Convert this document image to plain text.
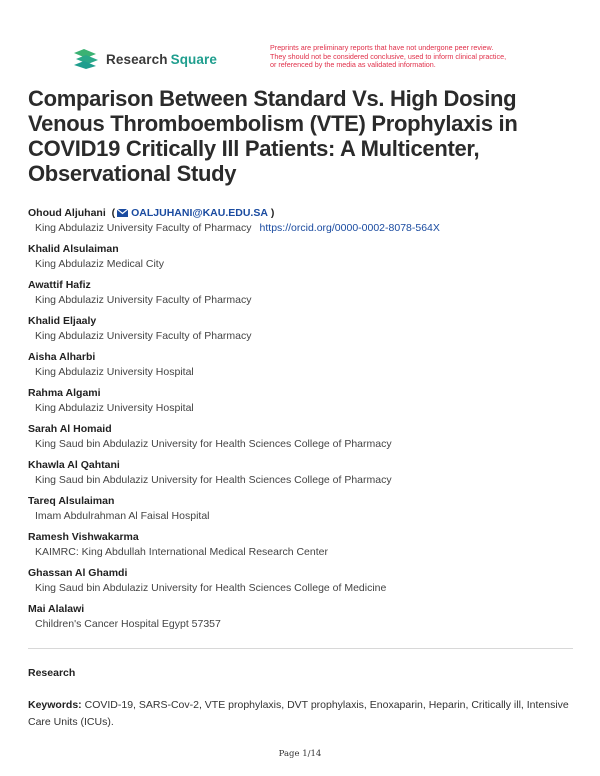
Research Square
Preprints are preliminary reports that have not undergone peer review.
They should not be considered conclusive, used to inform clinical practice,
or referenced by the media as validated information.
Comparison Between Standard Vs. High Dosing Venous Thromboembolism (VTE) Prophylaxis in COVID19 Critically Ill Patients: A Multicenter, Observational Study
Ohoud Aljuhani  ( OALJUHANI@KAU.EDU.SA )
King Abdulaziz University Faculty of Pharmacy https://orcid.org/0000-0002-8078-564X
Khalid Alsulaiman
King Abdulaziz Medical City
Awattif Hafiz
King Abdulaziz University Faculty of Pharmacy
Khalid Eljaaly
King Abdulaziz University Faculty of Pharmacy
Aisha Alharbi
King Abdulaziz University Hospital
Rahma Algami
King Abdulaziz University Hospital
Sarah Al Homaid
King Saud bin Abdulaziz University for Health Sciences College of Pharmacy
Khawla Al Qahtani
King Saud bin Abdulaziz University for Health Sciences College of Pharmacy
Tareq Alsulaiman
Imam Abdulrahman Al Faisal Hospital
Ramesh Vishwakarma
KAIMRC: King Abdullah International Medical Research Center
Ghassan Al Ghamdi
King Saud bin Abdulaziz University for Health Sciences College of Medicine
Mai Alalawi
Children's Cancer Hospital Egypt 57357
Research
Keywords: COVID-19, SARS-Cov-2, VTE prophylaxis, DVT prophylaxis, Enoxaparin, Heparin, Critically ill, Intensive Care Units (ICUs).
Page 1/14
